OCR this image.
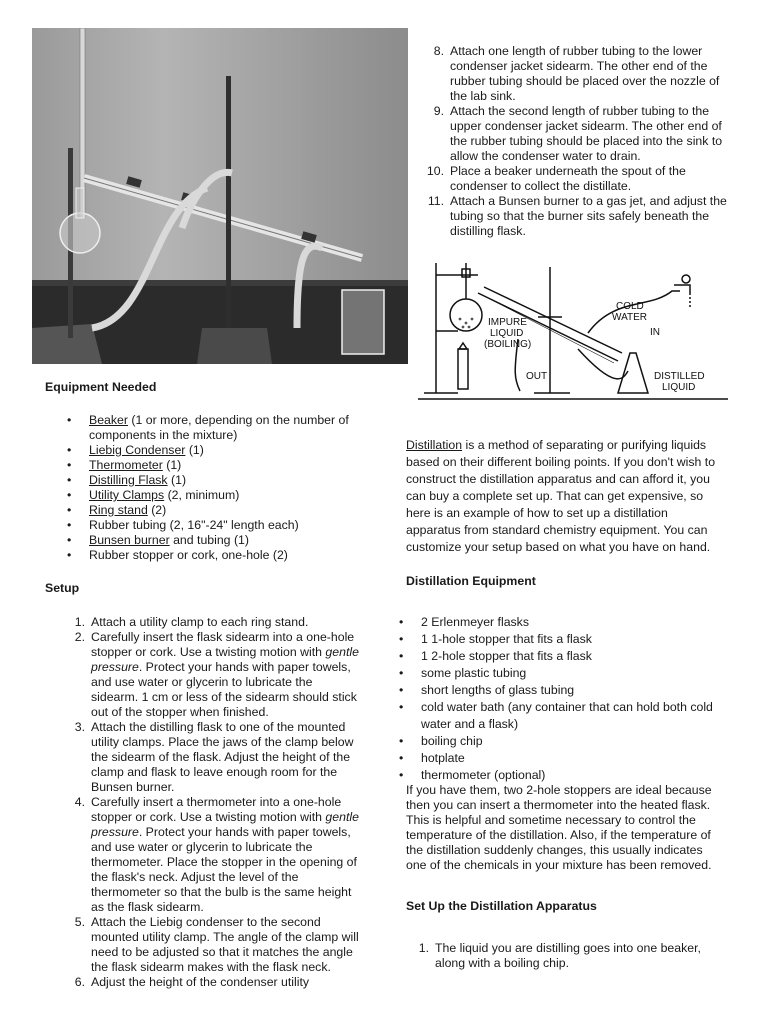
Equipment Needed

• Beaker (1 or more, depending on the number of components in the mixture)
• Liebig Condenser (1)
• Thermometer (1)
• Distilling Flask (1)
• Utility Clamps (2, minimum)
• Ring stand (2)
• Rubber tubing (2, 16"-24" length each)
• Bunsen burner and tubing (1)
• Rubber stopper or cork, one-hole (2)

Setup

1. Attach a utility clamp to each ring stand.
2. Carefully insert the flask sidearm into a one-hole stopper or cork. Use a twisting motion with gentle pressure. Protect your hands with paper towels, and use water or glycerin to lubricate the sidearm. 1 cm or less of the sidearm should stick out of the stopper when finished.
3. Attach the distilling flask to one of the mounted utility clamps. Place the jaws of the clamp below the sidearm of the flask. Adjust the height of the clamp and flask to leave enough room for the Bunsen burner.
4. Carefully insert a thermometer into a one-hole stopper or cork. Use a twisting motion with gentle pressure. Protect your hands with paper towels, and use water or glycerin to lubricate the thermometer. Place the stopper in the opening of the flask's neck. Adjust the level of the thermometer so that the bulb is the same height as the flask sidearm.
5. Attach the Liebig condenser to the second mounted utility clamp. The angle of the clamp will need to be adjusted so that it matches the angle the flask sidearm makes with the flask neck.
6. Adjust the height of the condenser utility
8. Attach one length of rubber tubing to the lower condenser jacket sidearm. The other end of the rubber tubing should be placed over the nozzle of the lab sink.
9. Attach the second length of rubber tubing to the upper condenser jacket sidearm. The other end of the rubber tubing should be placed into the sink to allow the condenser water to drain.
10. Place a beaker underneath the spout of the condenser to collect the distillate.
11. Attach a Bunsen burner to a gas jet, and adjust the tubing so that the burner sits safely beneath the distilling flask.
IMPURE
LIQUID
(BOILING)
COLD
WATER
IN
OUT	DISTILLED
LIQUID

Distillation is a method of separating or purifying liquids based on their different boiling points. If you don't wish to construct the distillation apparatus and can afford it, you can buy a complete set up. That can get expensive, so here is an example of how to set up a distillation apparatus from standard chemistry equipment. You can customize your setup based on what you have on hand.

Distillation Equipment

• 2 Erlenmeyer flasks
• 1 1-hole stopper that fits a flask
• 1 2-hole stopper that fits a flask
• some plastic tubing
• short lengths of glass tubing
• cold water bath (any container that can hold both cold water and a flask)
• boiling chip
• hotplate
• thermometer (optional)

If you have them, two 2-hole stoppers are ideal because then you can insert a thermometer into the heated flask. This is helpful and sometime necessary to control the temperature of the distillation. Also, if the temperature of the distillation suddenly changes, this usually indicates one of the chemicals in your mixture has been removed.

Set Up the Distillation Apparatus

1. The liquid you are distilling goes into one beaker, along with a boiling chip.
